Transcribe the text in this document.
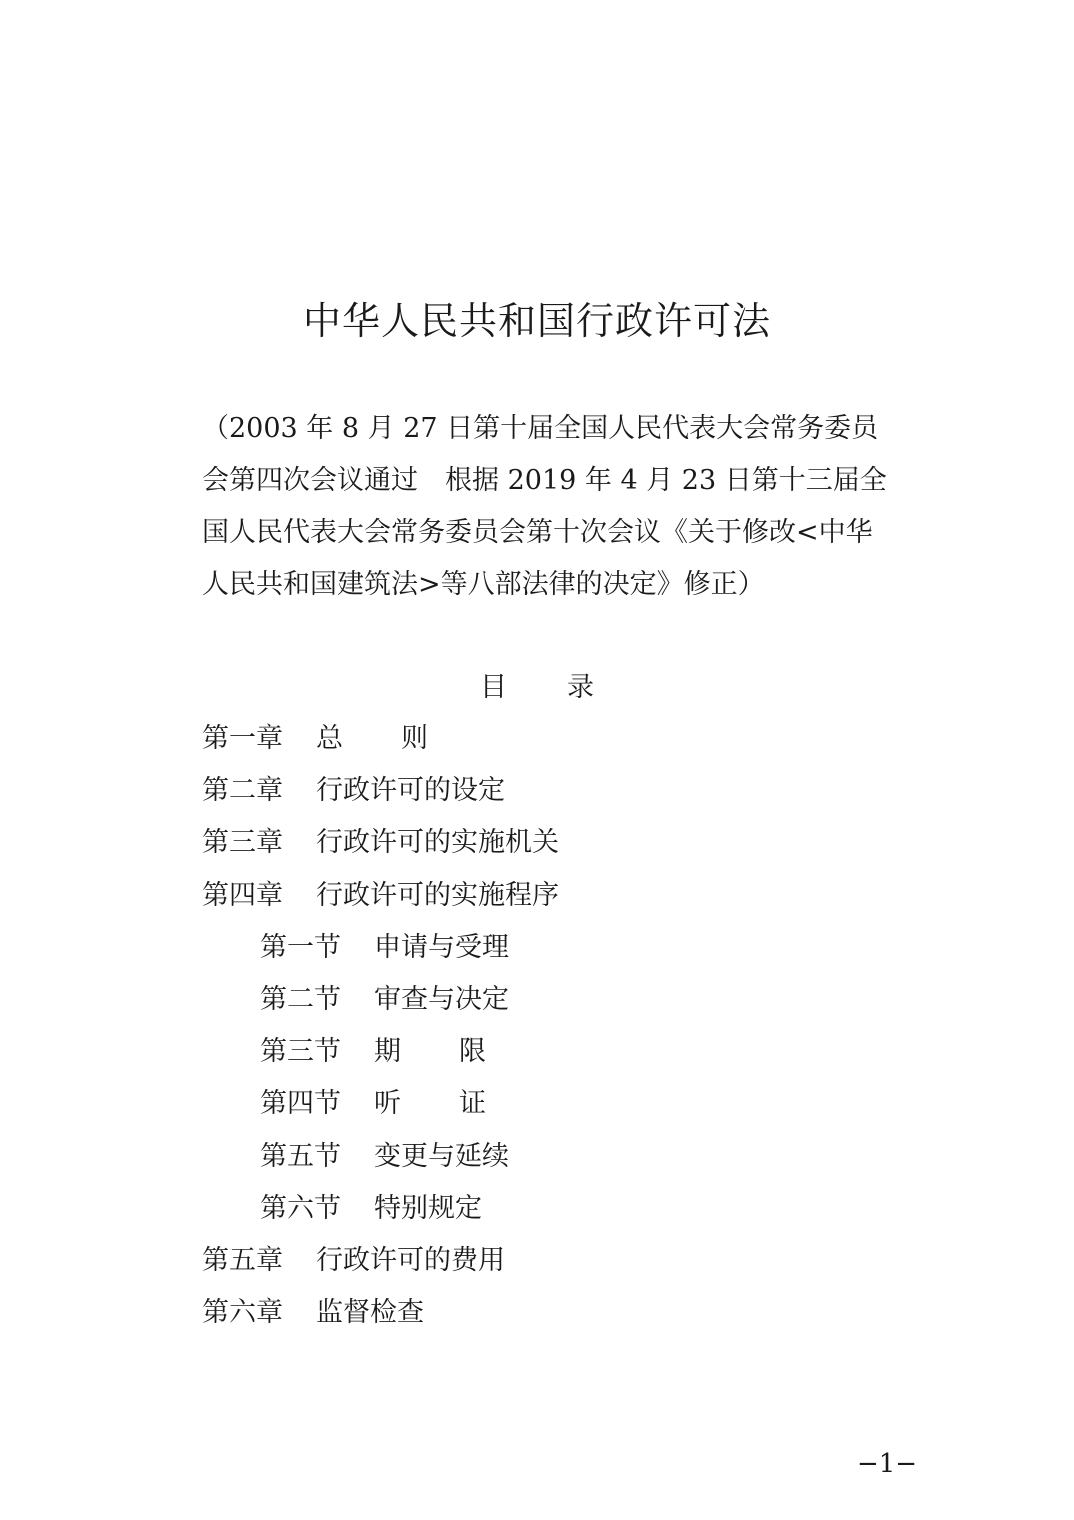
中华人民共和国行政许可法

（2003 年 8 月 27 日第十届全国人民代表大会常务委员
会第四次会议通过　根据 2019 年 4 月 23 日第十三届全
国人民代表大会常务委员会第十次会议《关于修改<中华
人民共和国建筑法>等八部法律的决定》修正）

目 录
第一章 总 则
第二章 行政许可的设定
第三章 行政许可的实施机关
第四章 行政许可的实施程序
第一节 申请与受理
第二节 审查与决定
第三节 期 限
第四节 听 证
第五节 变更与延续
第六节 特别规定
第五章 行政许可的费用
第六章 监督检查
−1−
